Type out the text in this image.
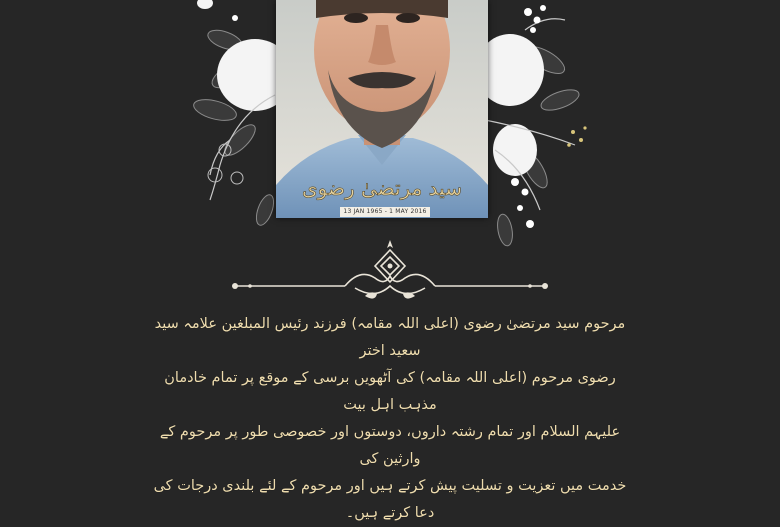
سید مرتضیٰ رضوی
13 JAN 1965 - 1 MAY 2016

مرحوم سید مرتضیٰ رضوی (اعلی اللہ مقامہ) فرزند رئیس المبلغین علامہ سید سعید اختر

رضوی مرحوم (اعلی اللہ مقامہ) کی آٹھویں برسی کے موقع پر تمام خادمان مذہب اہل بیت

علیہم السلام اور تمام رشتہ داروں، دوستوں اور خصوصی طور پر مرحوم کے وارثین کی

خدمت میں تعزیت و تسلیت پیش کرتے ہیں اور مرحوم کے لئے بلندی درجات کی

دعا کرتے ہیں۔
